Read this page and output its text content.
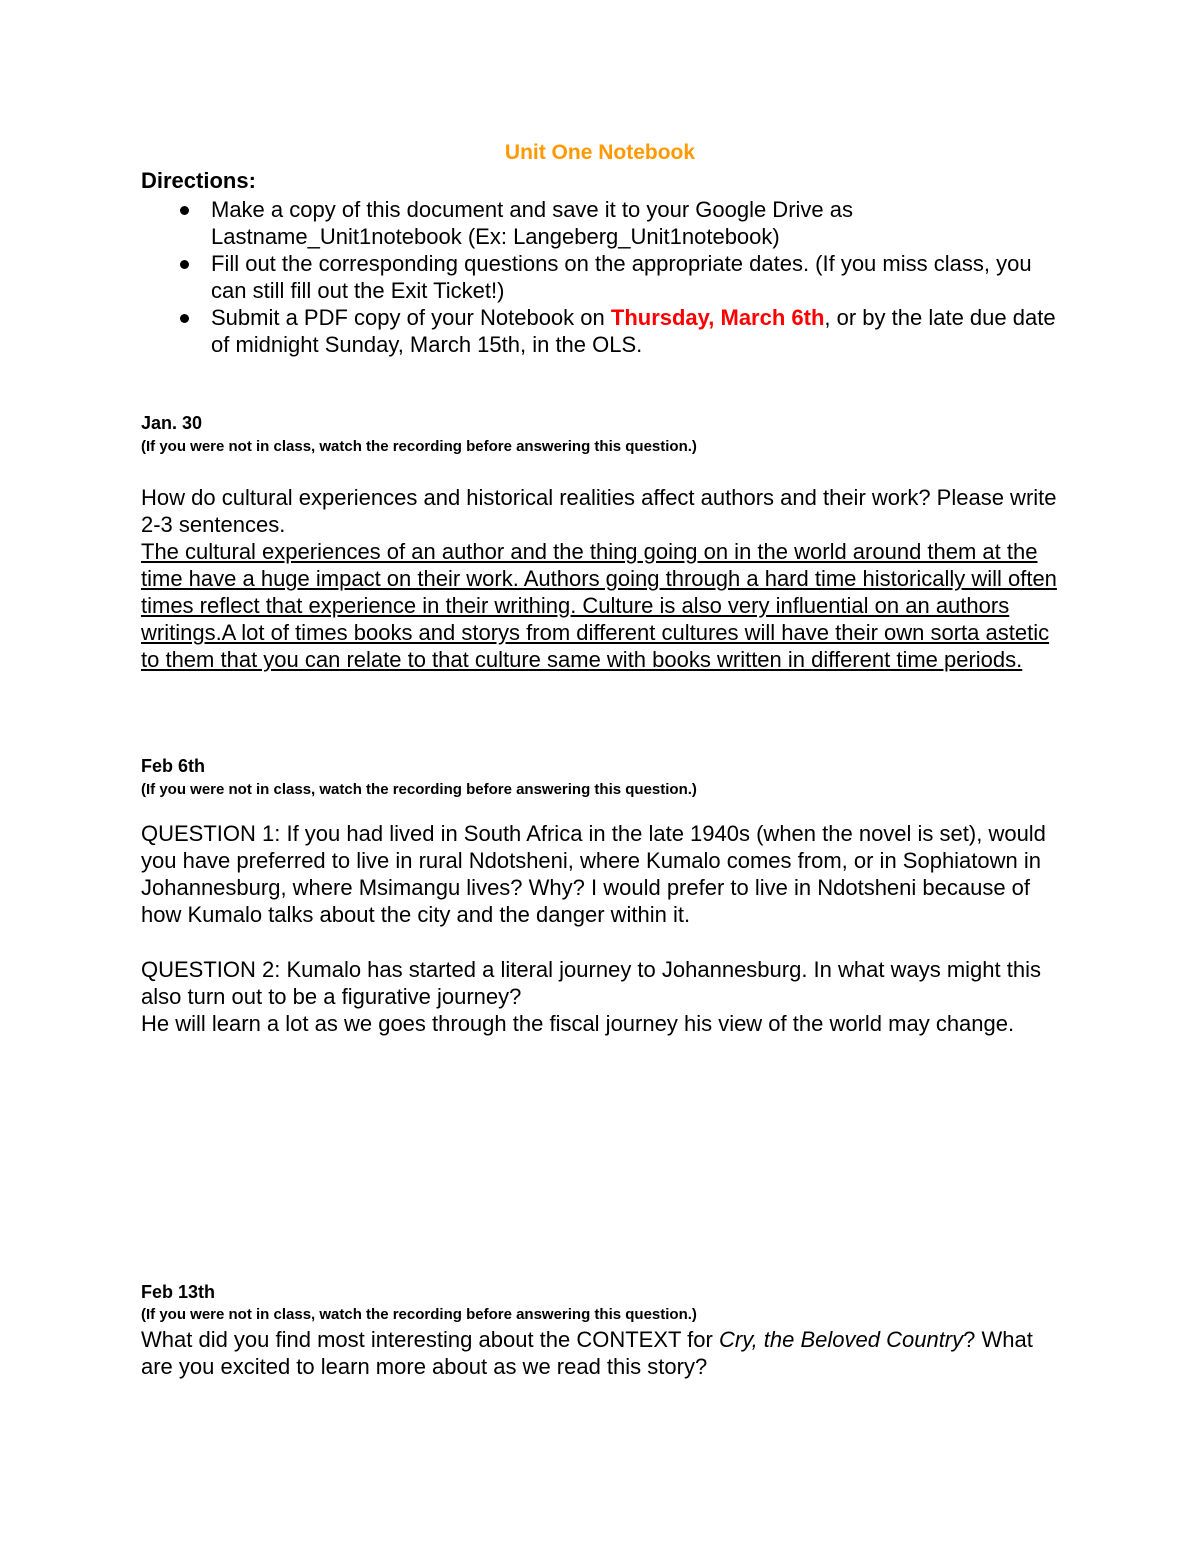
Unit One Notebook
Directions:
Make a copy of this document and save it to your Google Drive as Lastname_Unit1notebook (Ex: Langeberg_Unit1notebook)
Fill out the corresponding questions on the appropriate dates. (If you miss class, you can still fill out the Exit Ticket!)
Submit a PDF copy of your Notebook on Thursday, March 6th, or by the late due date of midnight Sunday, March 15th, in the OLS.
Jan. 30
(If you were not in class, watch the recording before answering this question.)

How do cultural experiences and historical realities affect authors and their work? Please write 2-3 sentences.

The cultural experiences of an author and the thing going on in the world around them at the time have a huge impact on their work. Authors going through a hard time historically will often times reflect that experience in their writhing. Culture is also very influential on an authors writings.A lot of times books and storys from different cultures will have their own sorta astetic to them that you can relate to that culture same with books written in different time periods.

Feb 6th
(If you were not in class, watch the recording before answering this question.)

QUESTION 1: If you had lived in South Africa in the late 1940s (when the novel is set), would you have preferred to live in rural Ndotsheni, where Kumalo comes from, or in Sophiatown in Johannesburg, where Msimangu lives? Why? I would prefer to live in Ndotsheni because of how Kumalo talks about the city and the danger within it.

QUESTION 2: Kumalo has started a literal journey to Johannesburg. In what ways might this also turn out to be a figurative journey?

He will learn a lot as we goes through the fiscal journey his view of the world may change.

Feb 13th
(If you were not in class, watch the recording before answering this question.)

What did you find most interesting about the CONTEXT for Cry, the Beloved Country? What are you excited to learn more about as we read this story?
